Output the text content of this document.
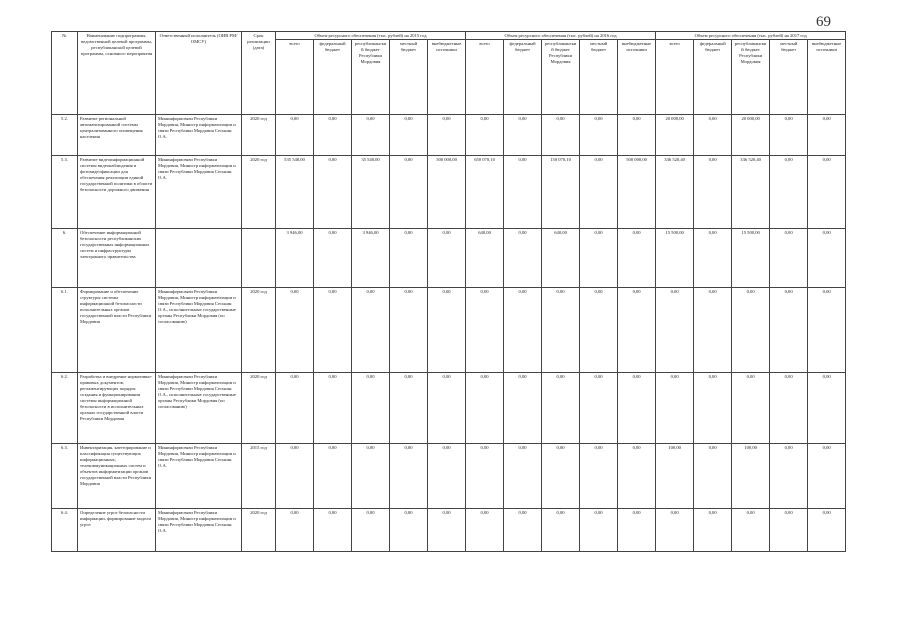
69
№	Наименование подпрограммы, ведомственной целевой программы, республиканской целевой программы, основного мероприятия	Ответственный исполнитель (ОИВ РМ/ОМСУ)	Срок реализации (дата)	Объем ресурсного обеспечения (тыс. рублей) на 2015 год					Объем ресурсного обеспечения (тыс. рублей) на 2016 год					Объем ресурсного обеспечения (тыс. рублей) на 2017 год				
				всего	федеральный бюджет	республиканский бюджет Республики Мордовия	местный бюджет	внебюджетные источники	всего	федеральный бюджет	республиканский бюджет Республики Мордовия	местный бюджет	внебюджетные источники	всего	федеральный бюджет	республиканский бюджет Республики Мордовия	местный бюджет	внебюджетные источники
5.2.	Развитие региональной автоматизированной системы централизованного оповещения населения	Мининформсвязи Республики Мордовия, Министр информатизации и связи Республики Мордовия Сеськин О.А.	2020 год	0,00	0,00	0,00	0,00	0,00	0,00	0,00	0,00	0,00	0,00	20 000,00	0,00	20 000,00	0,00	0,00
5.3.	Развитие видеоинформационной системы видеонаблюдения и фотовидеофиксации для обеспечения реализации единой государственной политики в области безопасности дорожного движения	Мининформсвязи Республики Мордовия, Министр информатизации и связи Республики Мордовия Сеськин О.А.	2020 год	535 548,00	0,00	35 548,00	0,00	500 000,00	650 070,10	0,00	150 070,10	0,00	500 000,00	336 520,40	0,00	336 520,40	0,00	0,00
6.	Обеспечение информационной безопасности республиканских государственных информационных систем и инфраструктуры электронного правительства			3 946,00	0,00	3 946,00	0,00	0,00	640,00	0,00	640,00	0,00	0,00	15 500,00	0,00	15 500,00	0,00	0,00
6.1.	Формирование и обеспечение структуры системы информационной безопасности исполнительных органов государственной власти Республики Мордовия	Мининформсвязи Республики Мордовия, Министр информатизации и связи Республики Мордовия Сеськин О.А., исполнительные государственные органы Республики Мордовия (по согласованию)	2020 год	0,00	0,00	0,00	0,00	0,00	0,00	0,00	0,00	0,00	0,00	0,00	0,00	0,00	0,00	0,00
6.2.	Разработка и внедрение нормативно-правовых документов, регламентирующих порядок создания и функционирования системы информационной безопасности в исполнительных органах государственной власти Республики Мордовия	Мининформсвязи Республики Мордовия, Министр информатизации и связи Республики Мордовия Сеськин О.А., исполнительные государственные органы Республики Мордовия (по согласованию)	2020 год	0,00	0,00	0,00	0,00	0,00	0,00	0,00	0,00	0,00	0,00	0,00	0,00	0,00	0,00	0,00
6.3.	Инвентаризация, категорирование и классификация существующих информационных, телекоммуникационных систем и объектов информатизации органов государственной власти Республики Мордовия	Мининформсвязи Республики Мордовия, Министр информатизации и связи Республики Мордовия Сеськин О.А.	2015 год	0,00	0,00	0,00	0,00	0,00	0,00	0,00	0,00	0,00	0,00	100,00	0,00	100,00	0,00	0,00
6.4.	Определение угроз безопасности информации, формирование модели угроз	Мининформсвязи Республики Мордовия, Министр информатизации и связи Республики Мордовия Сеськин О.А.	2020 год	0,00	0,00	0,00	0,00	0,00	0,00	0,00	0,00	0,00	0,00	0,00	0,00	0,00	0,00	0,00
